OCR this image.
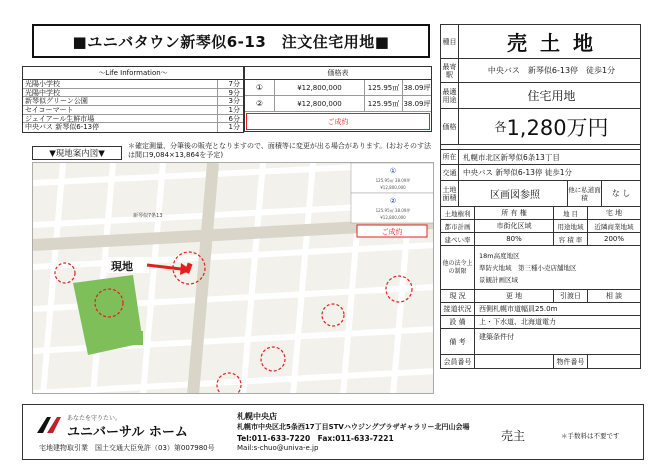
■ユニバタウン新琴似6-13　注文住宅用地■
〜Life Information〜
光陽小学校	7分
光陽中学校	9分
新琴似グリーン公園	3分
セイコーマート	1分
ジェイアール生鮮市場	6分
中央バス 新琴似6-13停	1分
価格表
①	¥12,800,000	125.95㎡ 38.09坪
②	¥12,800,000	125.95㎡ 38.09坪
ご成約
＊確定測量、分筆後の販売となりますので、面積等に変更が出る場合があります。(おおそのす法は間口9,084×13,864を予定)
▼現地案内図▼
①
125.95㎡ 38.09坪
¥12,800,000
②
125.95㎡ 38.09坪
¥12,800,000
ご成約
新琴似7条13
現地
種目	売 土 地
最寄駅	中央バス　新琴似6-13停　徒歩1分
最適用途	住宅用地
価格	各 1,280万円
所在 札幌市北区新琴似6条13丁目
交通 中央バス 新琴似6-13停 徒歩1分
土地面積	区画図参照
他に私道面積	な し
土地権利	所 有 権	地 目	宅 地
都市計画	市街化区域	用途地域	近隣商業地域
建ぺい率	80%	容 積 率	200%
他の法令上の制限
18m高度地区
準防火地域　第三種小売店舗地区
景観計画区域
現 況	更 地	引渡日	相 談
接道状況	西側札幌市道幅員25.0m
設 備	上・下水道、北海道電力
備 考
建築条件付
会員番号	物件番号
あなたを守りたい。
ユニバーサル ホーム
宅地建物取引業　国土交通大臣免許（03）第007980号
札幌中央店
札幌市中央区北5条西17丁目STVハウジングプラザギャラリー北円山会場
Tel:011-633-7220　Fax:011-633-7221
Mail:s-chuo@univa-e.jp
売主	＊手数料は不要です
